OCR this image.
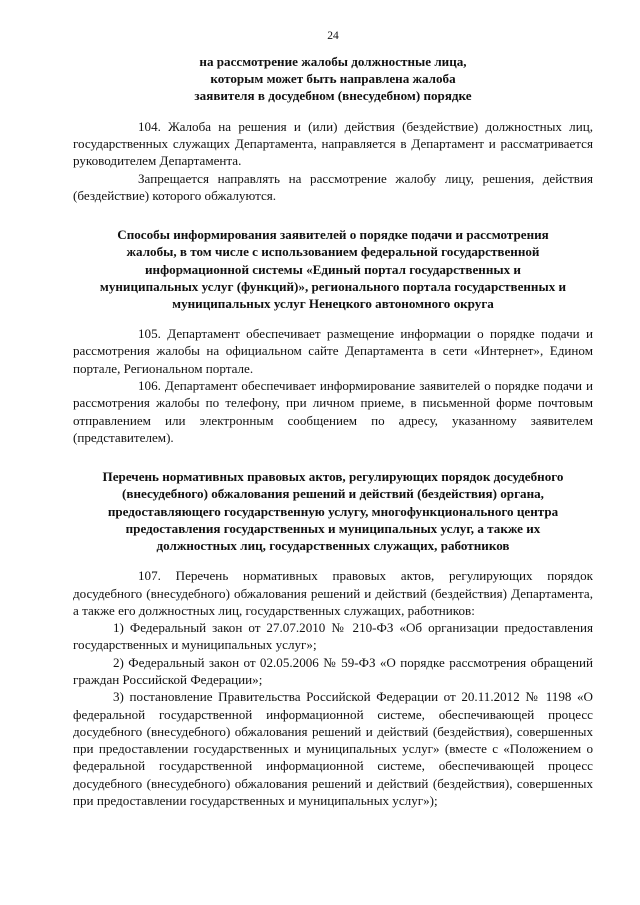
24
на рассмотрение жалобы должностные лица,
которым может быть направлена жалоба
заявителя в досудебном (внесудебном) порядке

104. Жалоба на решения и (или) действия (бездействие) должностных лиц, государственных служащих Департамента, направляется в Департамент и рассматривается руководителем Департамента.

Запрещается направлять на рассмотрение жалобу лицу, решения, действия (бездействие) которого обжалуются.

Способы информирования заявителей о порядке подачи и рассмотрения
жалобы, в том числе с использованием федеральной государственной
информационной системы «Единый портал государственных и
муниципальных услуг (функций)», регионального портала государственных и
муниципальных услуг Ненецкого автономного округа

105. Департамент обеспечивает размещение информации о порядке подачи и рассмотрения жалобы на официальном сайте Департамента в сети «Интернет», Едином портале, Региональном портале.

106. Департамент обеспечивает информирование заявителей о порядке подачи и рассмотрения жалобы по телефону, при личном приеме, в письменной форме почтовым отправлением или электронным сообщением по адресу, указанному заявителем (представителем).

Перечень нормативных правовых актов, регулирующих порядок досудебного
(внесудебного) обжалования решений и действий (бездействия) органа,
предоставляющего государственную услугу, многофункционального центра
предоставления государственных и муниципальных услуг, а также их
должностных лиц, государственных служащих, работников

107. Перечень нормативных правовых актов, регулирующих порядок досудебного (внесудебного) обжалования решений и действий (бездействия) Департамента, а также его должностных лиц, государственных служащих, работников:

1) Федеральный закон от 27.07.2010 № 210-ФЗ «Об организации предоставления государственных и муниципальных услуг»;

2) Федеральный закон от 02.05.2006 № 59-ФЗ «О порядке рассмотрения обращений граждан Российской Федерации»;

3) постановление Правительства Российской Федерации от 20.11.2012 № 1198 «О федеральной государственной информационной системе, обеспечивающей процесс досудебного (внесудебного) обжалования решений и действий (бездействия), совершенных при предоставлении государственных и муниципальных услуг» (вместе с «Положением о федеральной государственной информационной системе, обеспечивающей процесс досудебного (внесудебного) обжалования решений и действий (бездействия), совершенных при предоставлении государственных и муниципальных услуг»);
